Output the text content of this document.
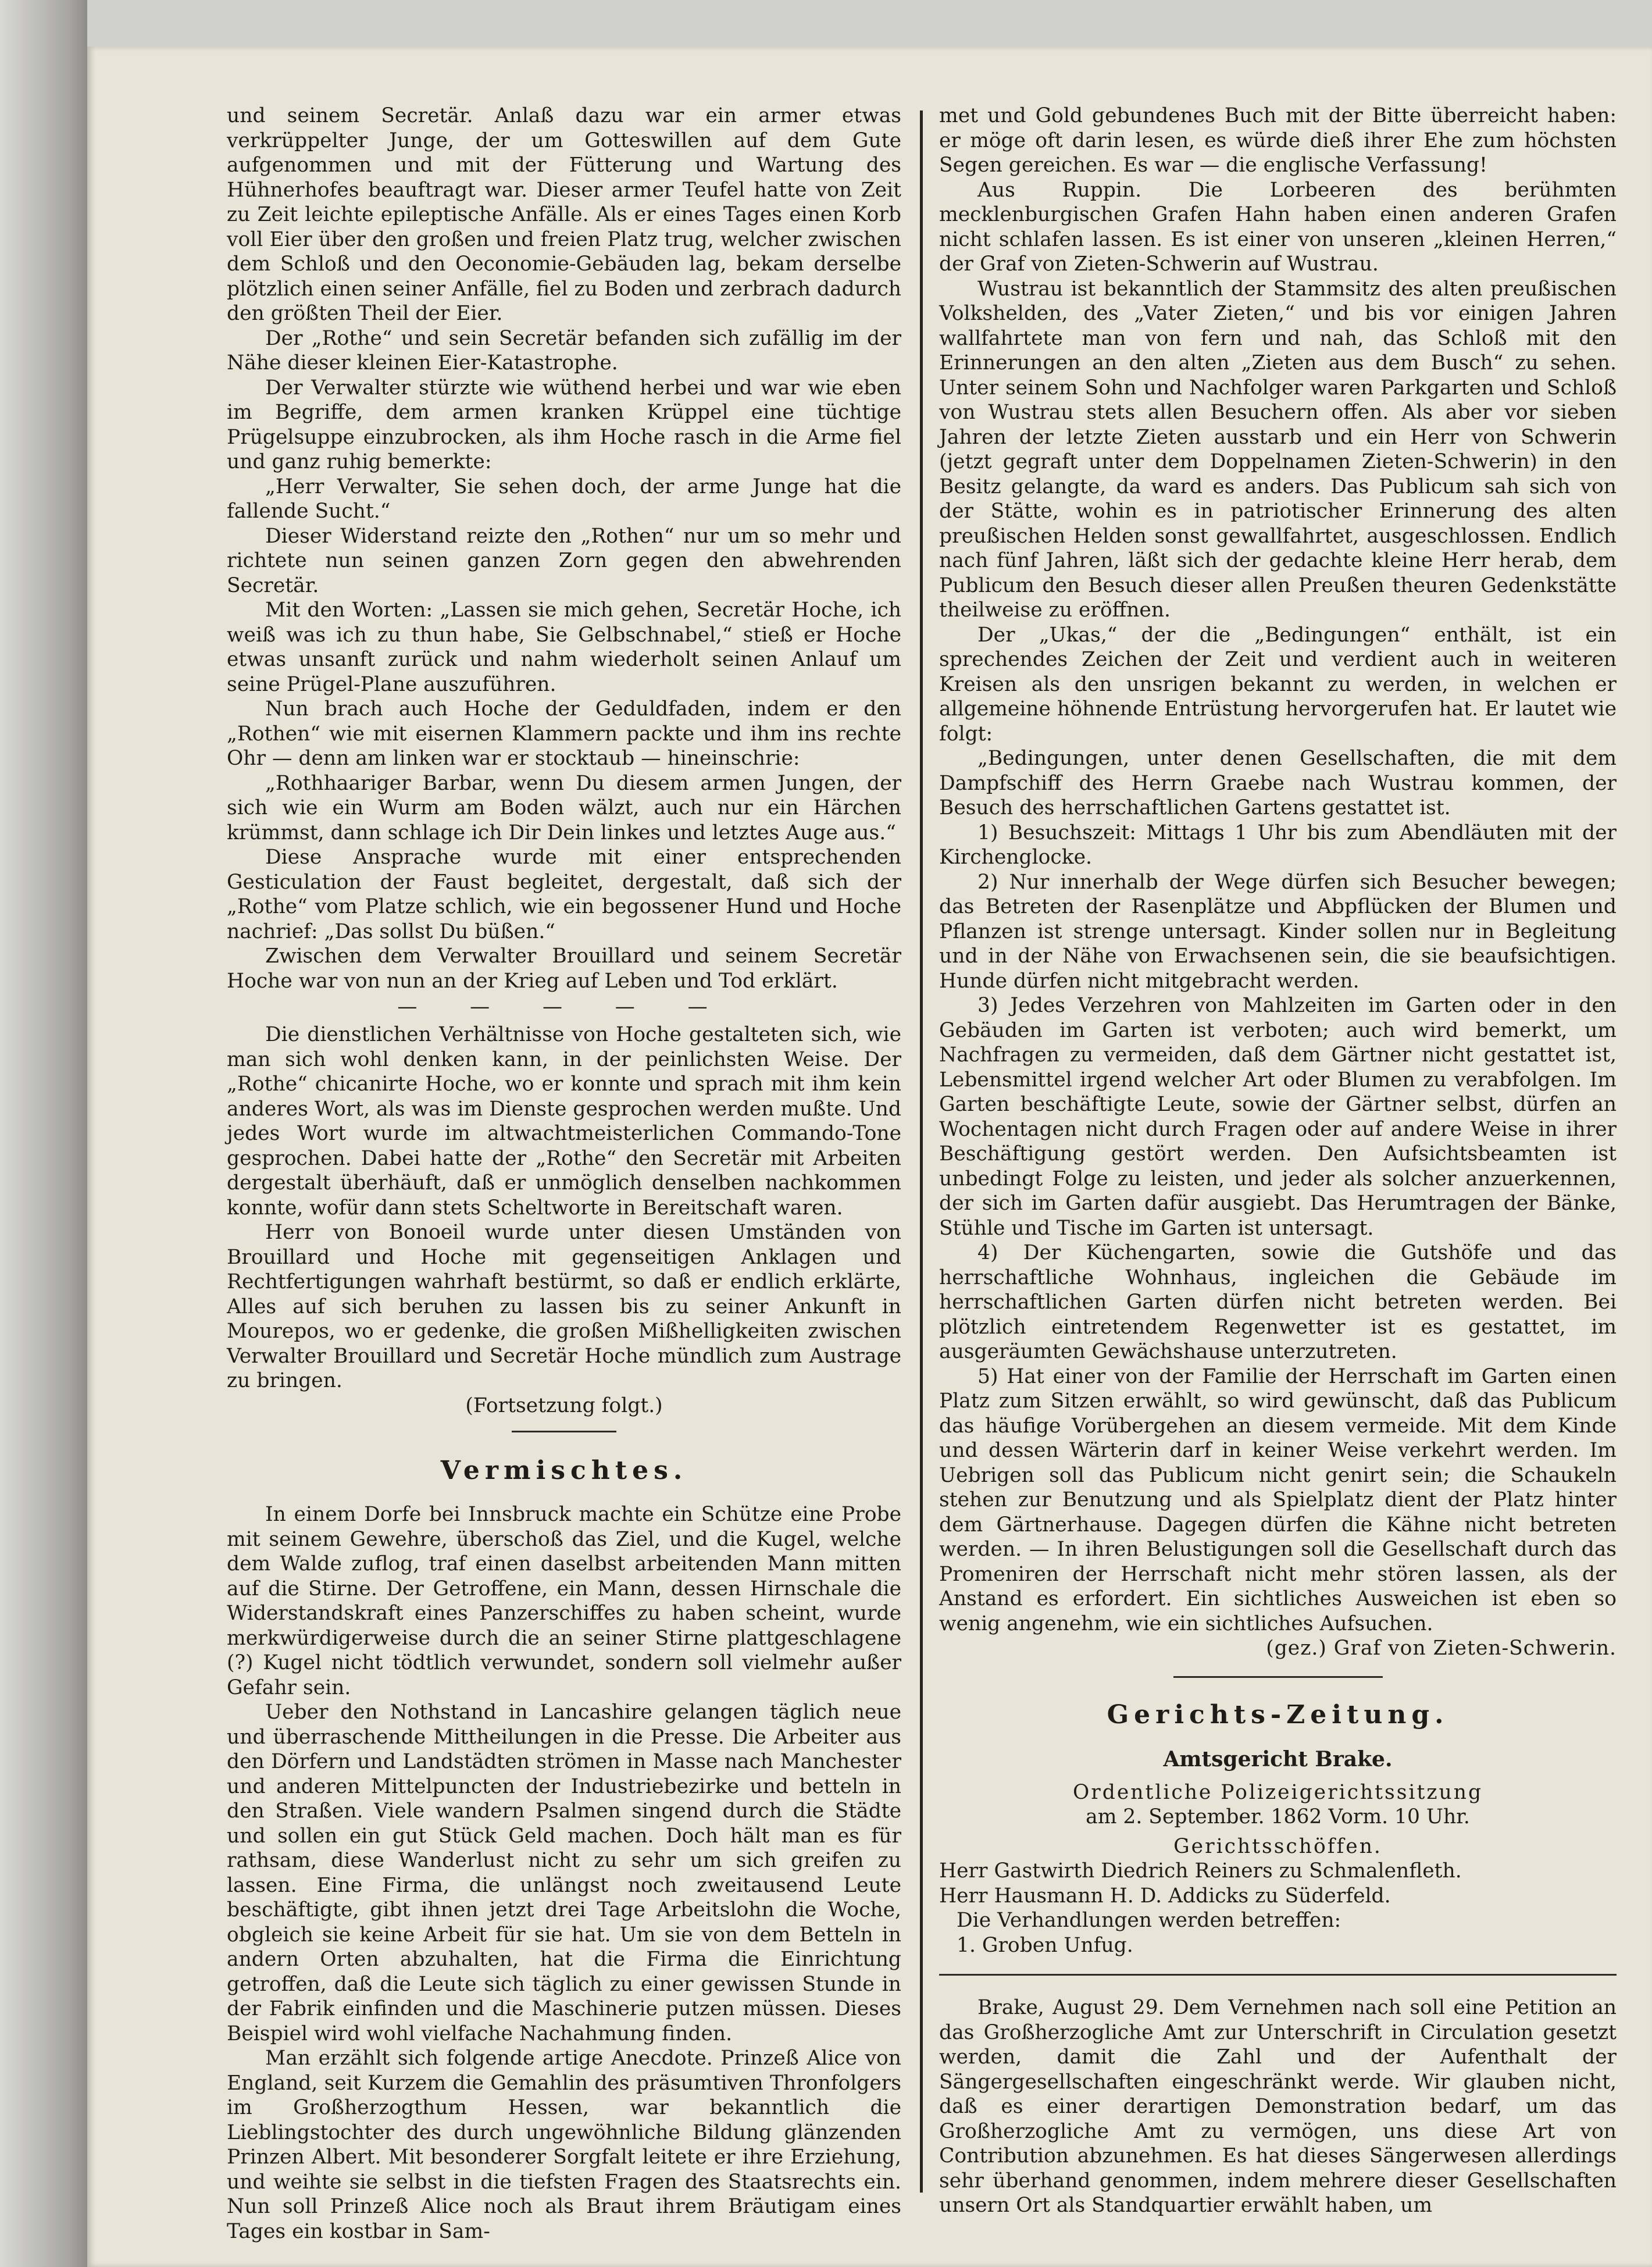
und seinem Secretär. Anlaß dazu war ein armer etwas verkrüppelter Junge, der um Gotteswillen auf dem Gute aufgenommen und mit der Fütterung und Wartung des Hühnerhofes beauftragt war. Dieser armer Teufel hatte von Zeit zu Zeit leichte epileptische Anfälle. Als er eines Tages einen Korb voll Eier über den großen und freien Platz trug, welcher zwischen dem Schloß und den Oeconomie-Gebäuden lag, bekam derselbe plötzlich einen seiner Anfälle, fiel zu Boden und zerbrach dadurch den größten Theil der Eier.

Der „Rothe“ und sein Secretär befanden sich zufällig im der Nähe dieser kleinen Eier-Katastrophe.

Der Verwalter stürzte wie wüthend herbei und war wie eben im Begriffe, dem armen kranken Krüppel eine tüchtige Prügelsuppe einzubrocken, als ihm Hoche rasch in die Arme fiel und ganz ruhig bemerkte:

„Herr Verwalter, Sie sehen doch, der arme Junge hat die fallende Sucht.“

Dieser Widerstand reizte den „Rothen“ nur um so mehr und richtete nun seinen ganzen Zorn gegen den abwehrenden Secretär.

Mit den Worten: „Lassen sie mich gehen, Secretär Hoche, ich weiß was ich zu thun habe, Sie Gelbschnabel,“ stieß er Hoche etwas unsanft zurück und nahm wiederholt seinen Anlauf um seine Prügel-Plane auszuführen.

Nun brach auch Hoche der Geduldfaden, indem er den „Rothen“ wie mit eisernen Klammern packte und ihm ins rechte Ohr — denn am linken war er stocktaub — hineinschrie:

„Rothhaariger Barbar, wenn Du diesem armen Jungen, der sich wie ein Wurm am Boden wälzt, auch nur ein Härchen krümmst, dann schlage ich Dir Dein linkes und letztes Auge aus.“

Diese Ansprache wurde mit einer entsprechenden Gesticulation der Faust begleitet, dergestalt, daß sich der „Rothe“ vom Platze schlich, wie ein begossener Hund und Hoche nachrief: „Das sollst Du büßen.“

Zwischen dem Verwalter Brouillard und seinem Secretär Hoche war von nun an der Krieg auf Leben und Tod erklärt.

— — — — —

Die dienstlichen Verhältnisse von Hoche gestalteten sich, wie man sich wohl denken kann, in der peinlichsten Weise. Der „Rothe“ chicanirte Hoche, wo er konnte und sprach mit ihm kein anderes Wort, als was im Dienste gesprochen werden mußte. Und jedes Wort wurde im altwachtmeisterlichen Commando-Tone gesprochen. Dabei hatte der „Rothe“ den Secretär mit Arbeiten dergestalt überhäuft, daß er unmöglich denselben nachkommen konnte, wofür dann stets Scheltworte in Bereitschaft waren.

Herr von Bonoeil wurde unter diesen Umständen von Brouillard und Hoche mit gegenseitigen Anklagen und Rechtfertigungen wahrhaft bestürmt, so daß er endlich erklärte, Alles auf sich beruhen zu lassen bis zu seiner Ankunft in Mourepos, wo er gedenke, die großen Mißhelligkeiten zwischen Verwalter Brouillard und Secretär Hoche mündlich zum Austrage zu bringen.

(Fortsetzung folgt.)

Vermischtes.

In einem Dorfe bei Innsbruck machte ein Schütze eine Probe mit seinem Gewehre, überschoß das Ziel, und die Kugel, welche dem Walde zuflog, traf einen daselbst arbeitenden Mann mitten auf die Stirne. Der Getroffene, ein Mann, dessen Hirnschale die Widerstandskraft eines Panzerschiffes zu haben scheint, wurde merkwürdigerweise durch die an seiner Stirne plattgeschlagene (?) Kugel nicht tödtlich verwundet, sondern soll vielmehr außer Gefahr sein.

Ueber den Nothstand in Lancashire gelangen täglich neue und überraschende Mittheilungen in die Presse. Die Arbeiter aus den Dörfern und Landstädten strömen in Masse nach Manchester und anderen Mittelpuncten der Industriebezirke und betteln in den Straßen. Viele wandern Psalmen singend durch die Städte und sollen ein gut Stück Geld machen. Doch hält man es für rathsam, diese Wanderlust nicht zu sehr um sich greifen zu lassen. Eine Firma, die unlängst noch zweitausend Leute beschäftigte, gibt ihnen jetzt drei Tage Arbeitslohn die Woche, obgleich sie keine Arbeit für sie hat. Um sie von dem Betteln in andern Orten abzuhalten, hat die Firma die Einrichtung getroffen, daß die Leute sich täglich zu einer gewissen Stunde in der Fabrik einfinden und die Maschinerie putzen müssen. Dieses Beispiel wird wohl vielfache Nachahmung finden.

Man erzählt sich folgende artige Anecdote. Prinzeß Alice von England, seit Kurzem die Gemahlin des präsumtiven Thronfolgers im Großherzogthum Hessen, war bekanntlich die Lieblingstochter des durch ungewöhnliche Bildung glänzenden Prinzen Albert. Mit besonderer Sorgfalt leitete er ihre Erziehung, und weihte sie selbst in die tiefsten Fragen des Staatsrechts ein. Nun soll Prinzeß Alice noch als Braut ihrem Bräutigam eines Tages ein kostbar in Sam-

met und Gold gebundenes Buch mit der Bitte überreicht haben: er möge oft darin lesen, es würde dieß ihrer Ehe zum höchsten Segen gereichen. Es war — die englische Verfassung!

Aus Ruppin. Die Lorbeeren des berühmten mecklenburgischen Grafen Hahn haben einen anderen Grafen nicht schlafen lassen. Es ist einer von unseren „kleinen Herren,“ der Graf von Zieten-Schwerin auf Wustrau.

Wustrau ist bekanntlich der Stammsitz des alten preußischen Volkshelden, des „Vater Zieten,“ und bis vor einigen Jahren wallfahrtete man von fern und nah, das Schloß mit den Erinnerungen an den alten „Zieten aus dem Busch“ zu sehen. Unter seinem Sohn und Nachfolger waren Parkgarten und Schloß von Wustrau stets allen Besuchern offen. Als aber vor sieben Jahren der letzte Zieten ausstarb und ein Herr von Schwerin (jetzt gegraft unter dem Doppelnamen Zieten-Schwerin) in den Besitz gelangte, da ward es anders. Das Publicum sah sich von der Stätte, wohin es in patriotischer Erinnerung des alten preußischen Helden sonst gewallfahrtet, ausgeschlossen. Endlich nach fünf Jahren, läßt sich der gedachte kleine Herr herab, dem Publicum den Besuch dieser allen Preußen theuren Gedenkstätte theilweise zu eröffnen.

Der „Ukas,“ der die „Bedingungen“ enthält, ist ein sprechendes Zeichen der Zeit und verdient auch in weiteren Kreisen als den unsrigen bekannt zu werden, in welchen er allgemeine höhnende Entrüstung hervorgerufen hat. Er lautet wie folgt:

„Bedingungen, unter denen Gesellschaften, die mit dem Dampfschiff des Herrn Graebe nach Wustrau kommen, der Besuch des herrschaftlichen Gartens gestattet ist.

1) Besuchszeit: Mittags 1 Uhr bis zum Abendläuten mit der Kirchenglocke.

2) Nur innerhalb der Wege dürfen sich Besucher bewegen; das Betreten der Rasenplätze und Abpflücken der Blumen und Pflanzen ist strenge untersagt. Kinder sollen nur in Begleitung und in der Nähe von Erwachsenen sein, die sie beaufsichtigen. Hunde dürfen nicht mitgebracht werden.

3) Jedes Verzehren von Mahlzeiten im Garten oder in den Gebäuden im Garten ist verboten; auch wird bemerkt, um Nachfragen zu vermeiden, daß dem Gärtner nicht gestattet ist, Lebensmittel irgend welcher Art oder Blumen zu verabfolgen. Im Garten beschäftigte Leute, sowie der Gärtner selbst, dürfen an Wochentagen nicht durch Fragen oder auf andere Weise in ihrer Beschäftigung gestört werden. Den Aufsichtsbeamten ist unbedingt Folge zu leisten, und jeder als solcher anzuerkennen, der sich im Garten dafür ausgiebt. Das Herumtragen der Bänke, Stühle und Tische im Garten ist untersagt.

4) Der Küchengarten, sowie die Gutshöfe und das herrschaftliche Wohnhaus, ingleichen die Gebäude im herrschaftlichen Garten dürfen nicht betreten werden. Bei plötzlich eintretendem Regenwetter ist es gestattet, im ausgeräumten Gewächshause unterzutreten.

5) Hat einer von der Familie der Herrschaft im Garten einen Platz zum Sitzen erwählt, so wird gewünscht, daß das Publicum das häufige Vorübergehen an diesem vermeide. Mit dem Kinde und dessen Wärterin darf in keiner Weise verkehrt werden. Im Uebrigen soll das Publicum nicht genirt sein; die Schaukeln stehen zur Benutzung und als Spielplatz dient der Platz hinter dem Gärtnerhause. Dagegen dürfen die Kähne nicht betreten werden. — In ihren Belustigungen soll die Gesellschaft durch das Promeniren der Herrschaft nicht mehr stören lassen, als der Anstand es erfordert. Ein sichtliches Ausweichen ist eben so wenig angenehm, wie ein sichtliches Aufsuchen.

(gez.) Graf von Zieten-Schwerin.

Gerichts-Zeitung.
Amtsgericht Brake.

Ordentliche Polizeigerichtssitzung

am 2. September. 1862 Vorm. 10 Uhr.

Gerichtsschöffen.

Herr Gastwirth Diedrich Reiners zu Schmalenfleth.

Herr Hausmann H. D. Addicks zu Süderfeld.

Die Verhandlungen werden betreffen:

1. Groben Unfug.

Brake, August 29. Dem Vernehmen nach soll eine Petition an das Großherzogliche Amt zur Unterschrift in Circulation gesetzt werden, damit die Zahl und der Aufenthalt der Sängergesellschaften eingeschränkt werde. Wir glauben nicht, daß es einer derartigen Demonstration bedarf, um das Großherzogliche Amt zu vermögen, uns diese Art von Contribution abzunehmen. Es hat dieses Sängerwesen allerdings sehr überhand genommen, indem mehrere dieser Gesellschaften unsern Ort als Standquartier erwählt haben, um
